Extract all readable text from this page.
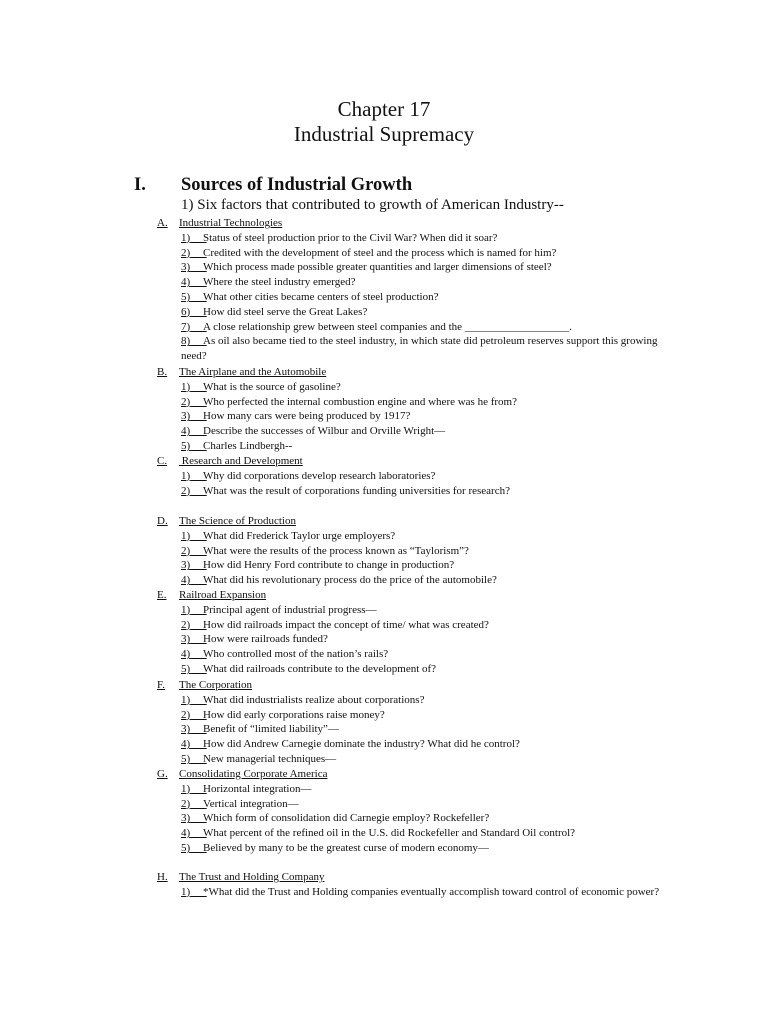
Chapter 17
Industrial Supremacy
I. Sources of Industrial Growth
1) Six factors that contributed to growth of American Industry--
A. Industrial Technologies
1) ___ Status of steel production prior to the Civil War? When did it soar?
2) ___ Credited with the development of steel and the process which is named for him?
3) ___ Which process made possible greater quantities and larger dimensions of steel?
4) ___ Where the steel industry emerged?
5) ___ What other cities became centers of steel production?
6) ___ How did steel serve the Great Lakes?
7) ___ A close relationship grew between steel companies and the ___________________.
8) ___ As oil also became tied to the steel industry, in which state did petroleum reserves support this growing need?
B. The Airplane and the Automobile
1) ___ What is the source of gasoline?
2) ___ Who perfected the internal combustion engine and where was he from?
3) ___ How many cars were being produced by 1917?
4) ___ Describe the successes of Wilbur and Orville Wright—
5) ___ Charles Lindbergh--
C. Research and Development
1) ___ Why did corporations develop research laboratories?
2) ___ What was the result of corporations funding universities for research?
D. The Science of Production
1) ___ What did Frederick Taylor urge employers?
2) ___ What were the results of the process known as “Taylorism”?
3) ___ How did Henry Ford contribute to change in production?
4) ___ What did his revolutionary process do the price of the automobile?
E. Railroad Expansion
1) ___ Principal agent of industrial progress—
2) ___ How did railroads impact the concept of time/ what was created?
3) ___ How were railroads funded?
4) ___ Who controlled most of the nation’s rails?
5) ___ What did railroads contribute to the development of?
F. The Corporation
1) ___ What did industrialists realize about corporations?
2) ___ How did early corporations raise money?
3) ___ Benefit of “limited liability”—
4) ___ How did Andrew Carnegie dominate the industry? What did he control?
5) ___ New managerial techniques—
G. Consolidating Corporate America
1) ___ Horizontal integration—
2) ___ Vertical integration—
3) ___ Which form of consolidation did Carnegie employ? Rockefeller?
4) ___ What percent of the refined oil in the U.S. did Rockefeller and Standard Oil control?
5) ___ Believed by many to be the greatest curse of modern economy—
H. The Trust and Holding Company
1) ___ *What did the Trust and Holding companies eventually accomplish toward control of economic power?
